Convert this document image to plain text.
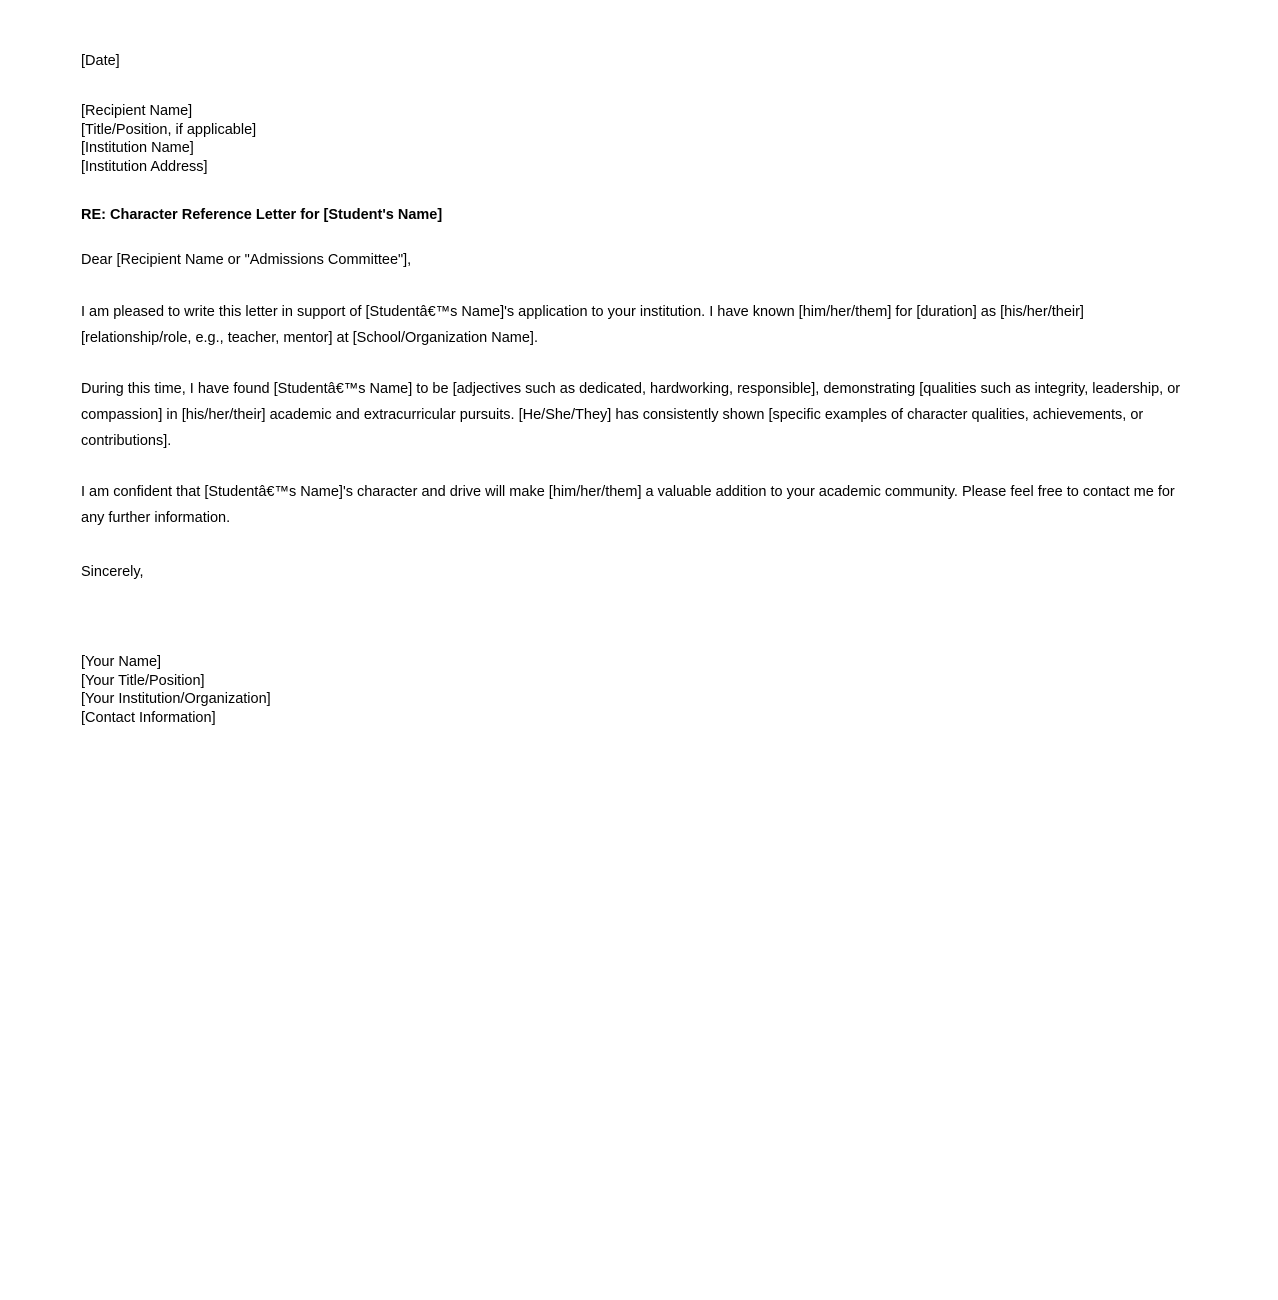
[Date]

[Recipient Name]

[Title/Position, if applicable]

[Institution Name]

[Institution Address]

RE: Character Reference Letter for [Student's Name]

Dear [Recipient Name or "Admissions Committee"],

I am pleased to write this letter in support of [Studentâ€™s Name]'s application to your institution. I have known [him/her/them] for [duration] as [his/her/their] [relationship/role, e.g., teacher, mentor] at [School/Organization Name].

During this time, I have found [Studentâ€™s Name] to be [adjectives such as dedicated, hardworking, responsible], demonstrating [qualities such as integrity, leadership, or compassion] in [his/her/their] academic and extracurricular pursuits. [He/She/They] has consistently shown [specific examples of character qualities, achievements, or contributions].

I am confident that [Studentâ€™s Name]'s character and drive will make [him/her/them] a valuable addition to your academic community. Please feel free to contact me for any further information.

Sincerely,

[Your Name]

[Your Title/Position]

[Your Institution/Organization]

[Contact Information]
